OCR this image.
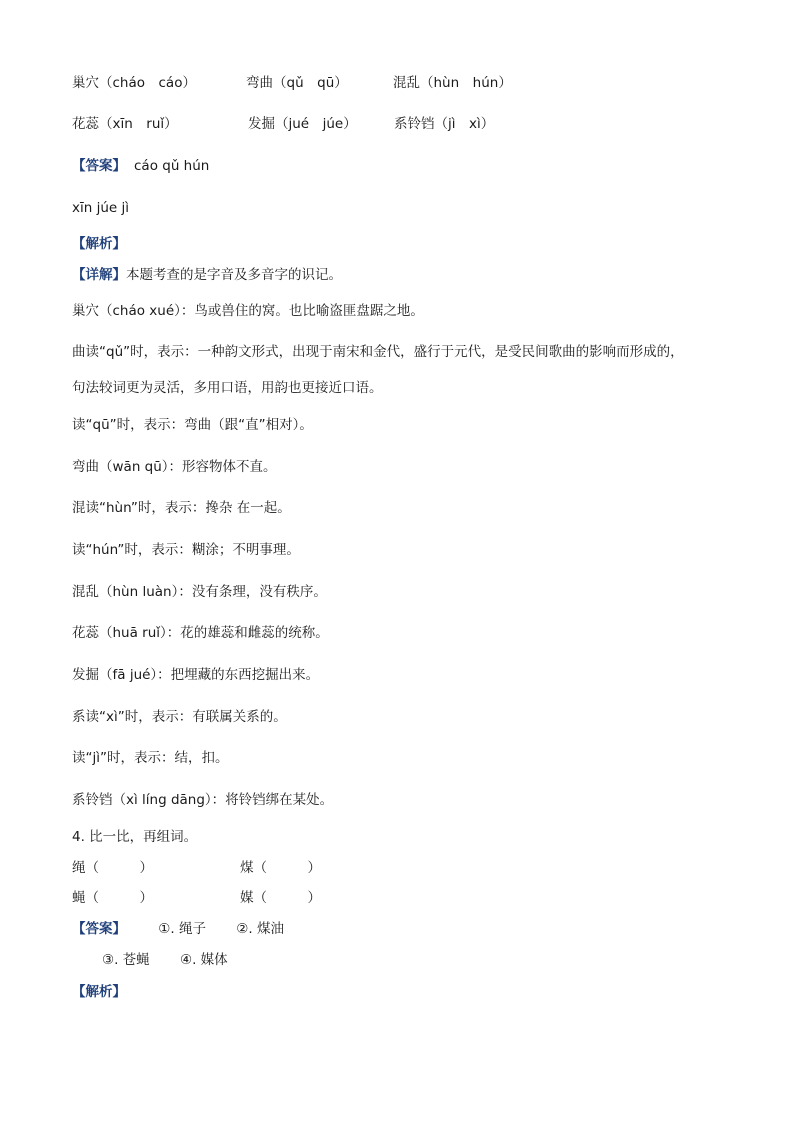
巢穴（cháo　cáo）	弯曲（qǔ　qū）	混乱（hùn　hún）
花蕊（xīn　ruǐ）	发掘（jué　júe）	系铃铛（jì　xì）
【答案】 cáo qǔ hún
xīn júe jì
【解析】
【详解】本题考查的是字音及多音字的识记。
巢穴（cháo xué）：鸟或兽住的窝。也比喻盗匪盘踞之地。
曲读“qǔ”时，表示：一种韵文形式，出现于南宋和金代，盛行于元代，是受民间歌曲的影响而形成的，
句法较词更为灵活，多用口语，用韵也更接近口语。
读“qū”时，表示：弯曲（跟“直”相对）。
弯曲（wān qū）：形容物体不直。
混读“hùn”时，表示：搀杂 在一起。
读“hún”时，表示：糊涂；不明事理。
混乱（hùn luàn）：没有条理，没有秩序。
花蕊（huā ruǐ）：花的雄蕊和雌蕊的统称。
发掘（fā jué）：把埋藏的东西挖掘出来。
系读“xì”时，表示：有联属关系的。
读“jì”时，表示：结，扣。
系铃铛（xì líng dāng）：将铃铛绑在某处。
4. 比一比，再组词。
绳（　　　）	煤（　　　）
蝇（　　　）	媒（　　　）
【答案】 ①. 绳子 ②. 煤油
③. 苍蝇 ④. 媒体
【解析】
